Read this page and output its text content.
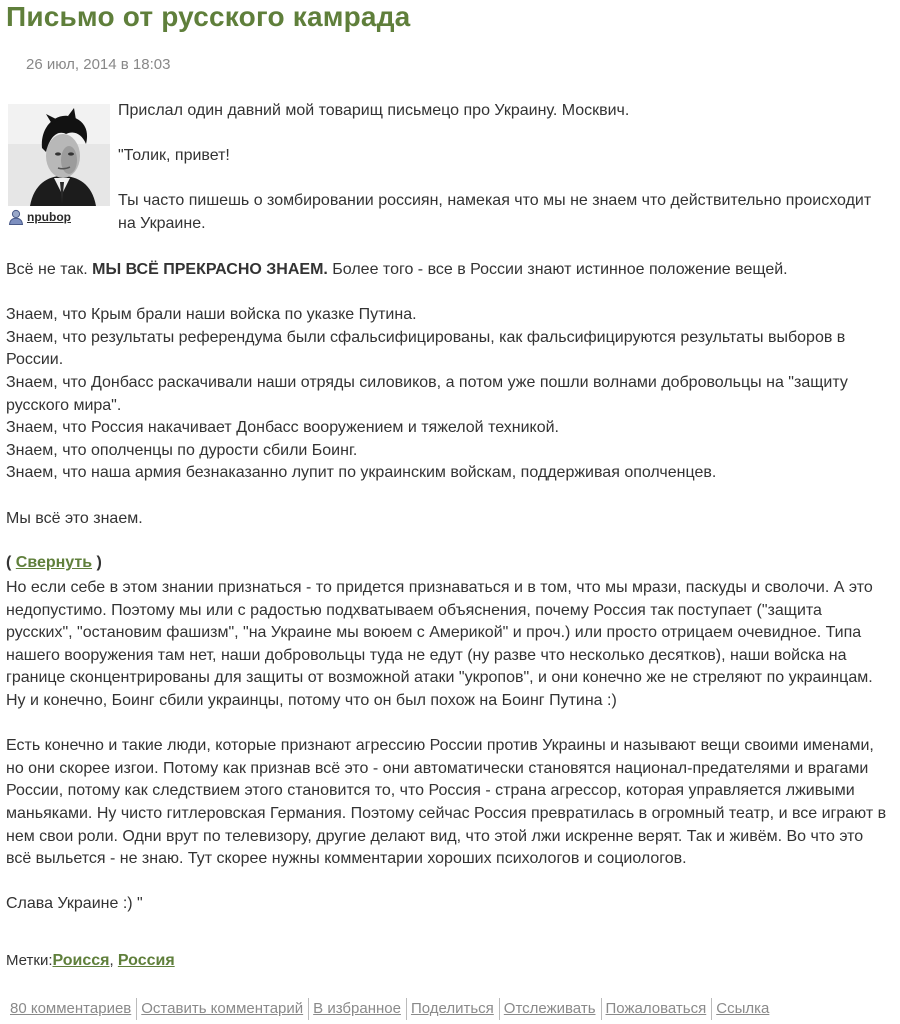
Письмо от русского камрада
26 июл, 2014 в 18:03
npubop

Прислал один давний мой товарищ письмецо про Украину. Москвич.

"Толик, привет!

Ты часто пишешь о зомбировании россиян, намекая что мы не знаем что действительно происходит на Украине.

Всё не так. МЫ ВСЁ ПРЕКРАСНО ЗНАЕМ. Более того - все в России знают истинное положение вещей.

Знаем, что Крым брали наши войска по указке Путина.
Знаем, что результаты референдума были сфальсифицированы, как фальсифицируются результаты выборов в России.
Знаем, что Донбасс раскачивали наши отряды силовиков, а потом уже пошли волнами добровольцы на "защиту русского мира".
Знаем, что Россия накачивает Донбасс вооружением и тяжелой техникой.
Знаем, что ополченцы по дурости сбили Боинг.
Знаем, что наша армия безнаказанно лупит по украинским войскам, поддерживая ополченцев.

Мы всё это знаем.

( Свернуть )

Но если себе в этом знании признаться - то придется признаваться и в том, что мы мрази, паскуды и сволочи. А это недопустимо. Поэтому мы или с радостью подхватываем объяснения, почему Россия так поступает ("защита русских", "остановим фашизм", "на Украине мы воюем с Америкой" и проч.) или просто отрицаем очевидное. Типа нашего вооружения там нет, наши добровольцы туда не едут (ну разве что несколько десятков), наши войска на границе сконцентрированы для защиты от возможной атаки "укропов", и они конечно же не стреляют по украинцам. Ну и конечно, Боинг сбили украинцы, потому что он был похож на Боинг Путина :)

Есть конечно и такие люди, которые признают агрессию России против Украины и называют вещи своими именами, но они скорее изгои. Потому как признав всё это - они автоматически становятся национал-предателями и врагами России, потому как следствием этого становится то, что Россия - страна агрессор, которая управляется лживыми маньяками. Ну чисто гитлеровская Германия. Поэтому сейчас Россия превратилась в огромный театр, и все играют в нем свои роли. Одни врут по телевизору, другие делают вид, что этой лжи искренне верят. Так и живём. Во что это всё выльется - не знаю. Тут скорее нужны комментарии хороших психологов и социологов.

Слава Украине :) "

Метки:Роисся, Россия
80 комментариев Оставить комментарий В избранное Поделиться Отслеживать Пожаловаться Ссылка
